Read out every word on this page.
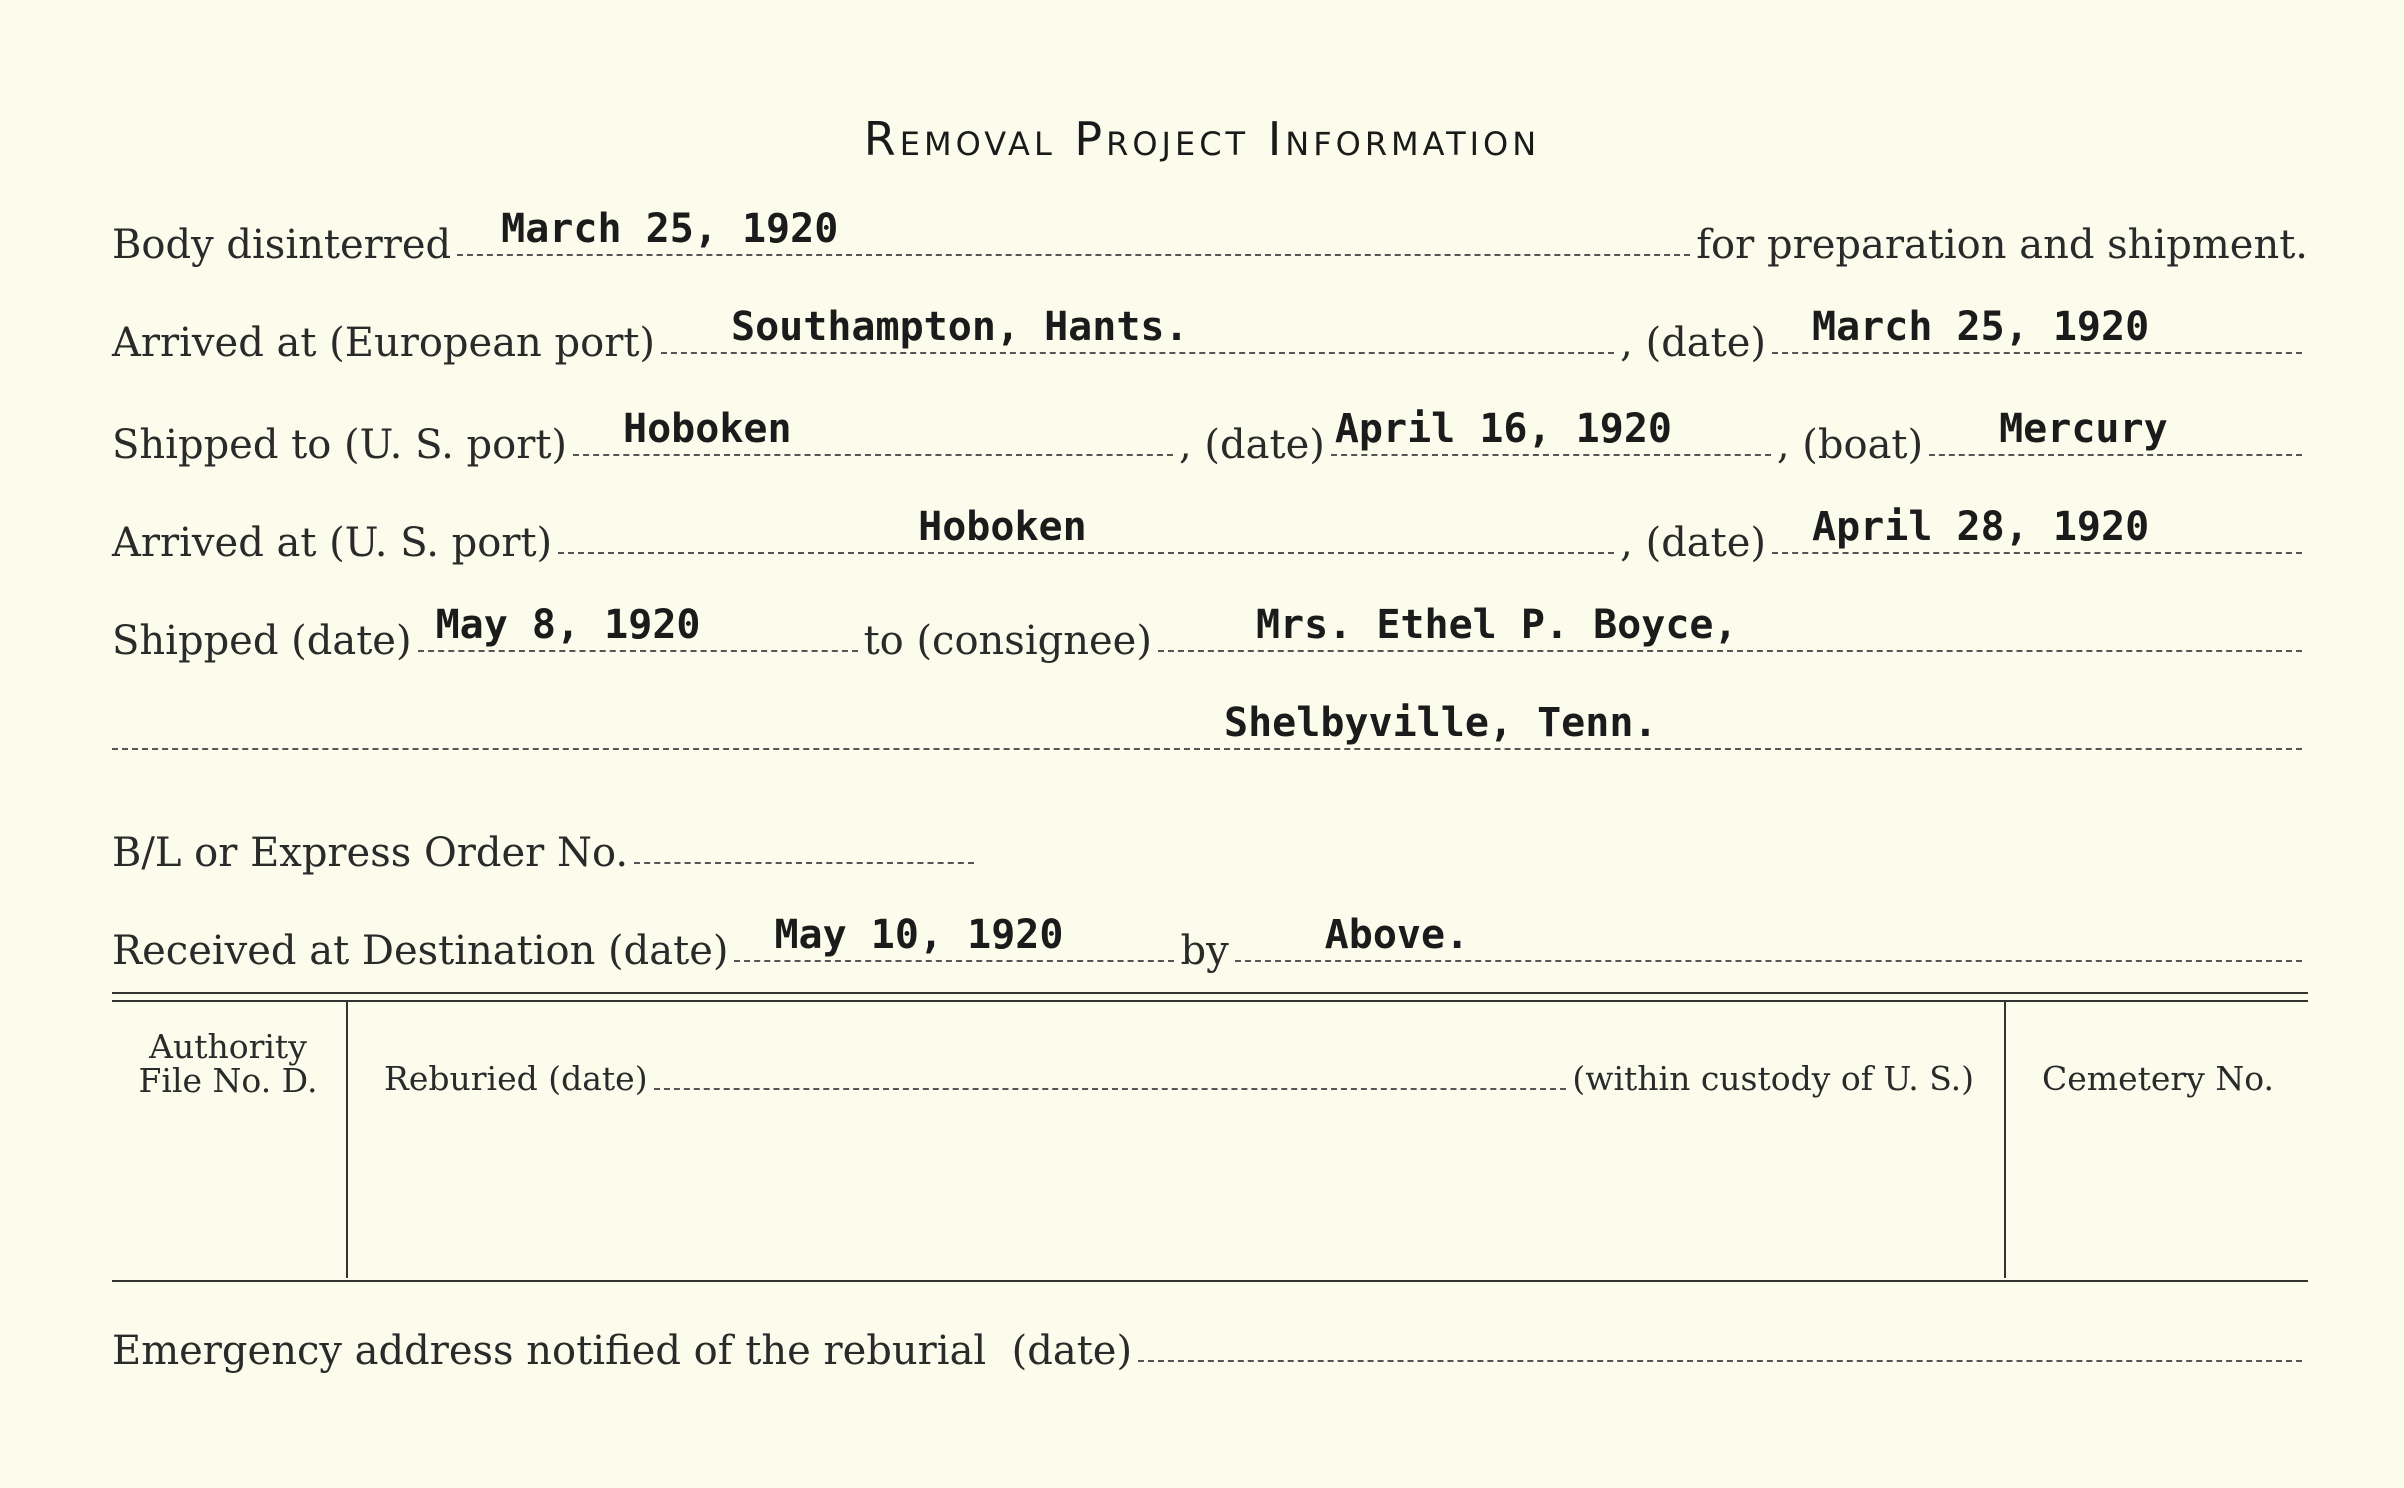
Removal Project Information
Body disinterred March 25, 1920	for preparation and shipment.
Arrived at (European port) Southampton, Hants.	, (date) March 25, 1920
Shipped to (U. S. port) Hoboken	, (date) April 16, 1920	, (boat) Mercury
Arrived at (U. S. port)	Hoboken	, (date) April 28, 1920
Shipped (date) May 8, 1920	to (consignee)	Mrs. Ethel P. Boyce,
Shelbyville, Tenn.
B/L or Express Order No.
Received at Destination (date) May 10, 1920	by Above.
Authority
File No. D.	Reburied (date)	(within custody of U. S.)	Cemetery No.
Emergency address notified of the reburial  (date)
